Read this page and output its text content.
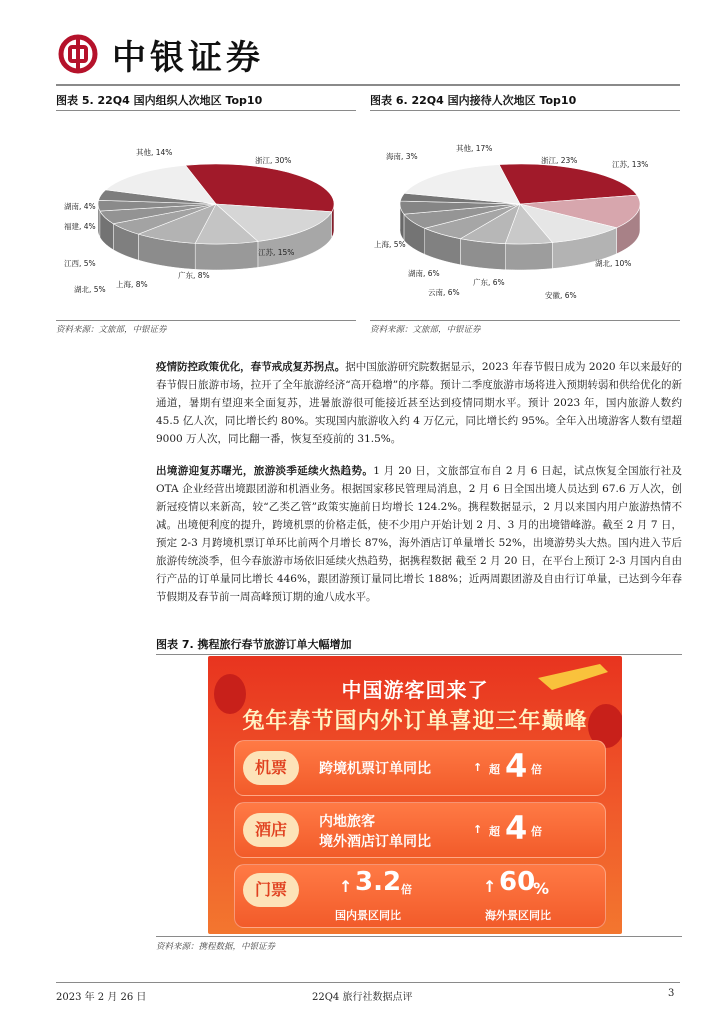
中银证券
图表 5. 22Q4 国内组织人次地区 Top10
资料来源：文旅部，中银证券
其他, 14%
浙江, 30%
江苏, 15%
广东, 8%
上海, 8%
湖北, 5%
江西, 5%
福建, 4%
湖南, 4%
图表 6. 22Q4 国内接待人次地区 Top10
资料来源：文旅部，中银证券
海南, 3%
其他, 17%
浙江, 23%	江苏, 13%
湖北, 10%
安徽, 6%
广东, 6%
云南, 6%
湖南, 6%
上海, 5%
疫情防控政策优化，春节戒成复苏拐点。据中国旅游研究院数据显示，2023 年春节假日成为 2020 年以来最好的春节假日旅游市场，拉开了全年旅游经济“高开稳增”的序幕。预计二季度旅游市场将进入预期转弱和供给优化的新通道，暑期有望迎来全面复苏，进暑旅游很可能接近甚至达到疫情同期水平。预计 2023 年，国内旅游人数约 45.5 亿人次，同比增长约 80%。实现国内旅游收入约 4 万亿元，同比增长约 95%。全年入出境游客人数有望超 9000 万人次，同比翻一番，恢复至疫前的 31.5%。
出境游迎复苏曙光，旅游淡季延续火热趋势。1 月 20 日，文旅部宣布自 2 月 6 日起，试点恢复全国旅行社及 OTA 企业经营出境跟团游和机酒业务。根据国家移民管理局消息，2 月 6 日全国出境人员达到 67.6 万人次，创新冠疫情以来新高，较“乙类乙管”政策实施前日均增长 124.2%。携程数据显示，2 月以来国内用户旅游热情不减。出境便利度的提升，跨境机票的价格走低，使不少用户开始计划 2 月、3 月的出境错峰游。截至 2 月 7 日，预定 2-3 月跨境机票订单环比前两个月增长 87%，海外酒店订单量增长 52%，出境游势头大热。国内进入节后旅游传统淡季，但今春旅游市场依旧延续火热趋势，据携程数据 截至 2 月 20 日，在平台上预订 2-3 月国内自由行产品的订单量同比增长 446%，跟团游预订量同比增长 188%；近两周跟团游及自由行订单量，已达到今年春节假期及春节前一周高峰预订期的逾八成水平。
图表 7. 携程旅行春节旅游订单大幅增加
中国游客回来了
兔年春节国内外订单喜迎三年巅峰
机票	跨境机票订单同比	↑ 超 4 倍
酒店	内地旅客
境外酒店订单同比
↑ 超 4 倍
门票	↑ 3.2 倍
国内景区同比
↑ 60
%
海外景区同比
资料来源：携程数据，中银证券
2023 年 2 月 26 日	22Q4 旅行社数据点评	3
